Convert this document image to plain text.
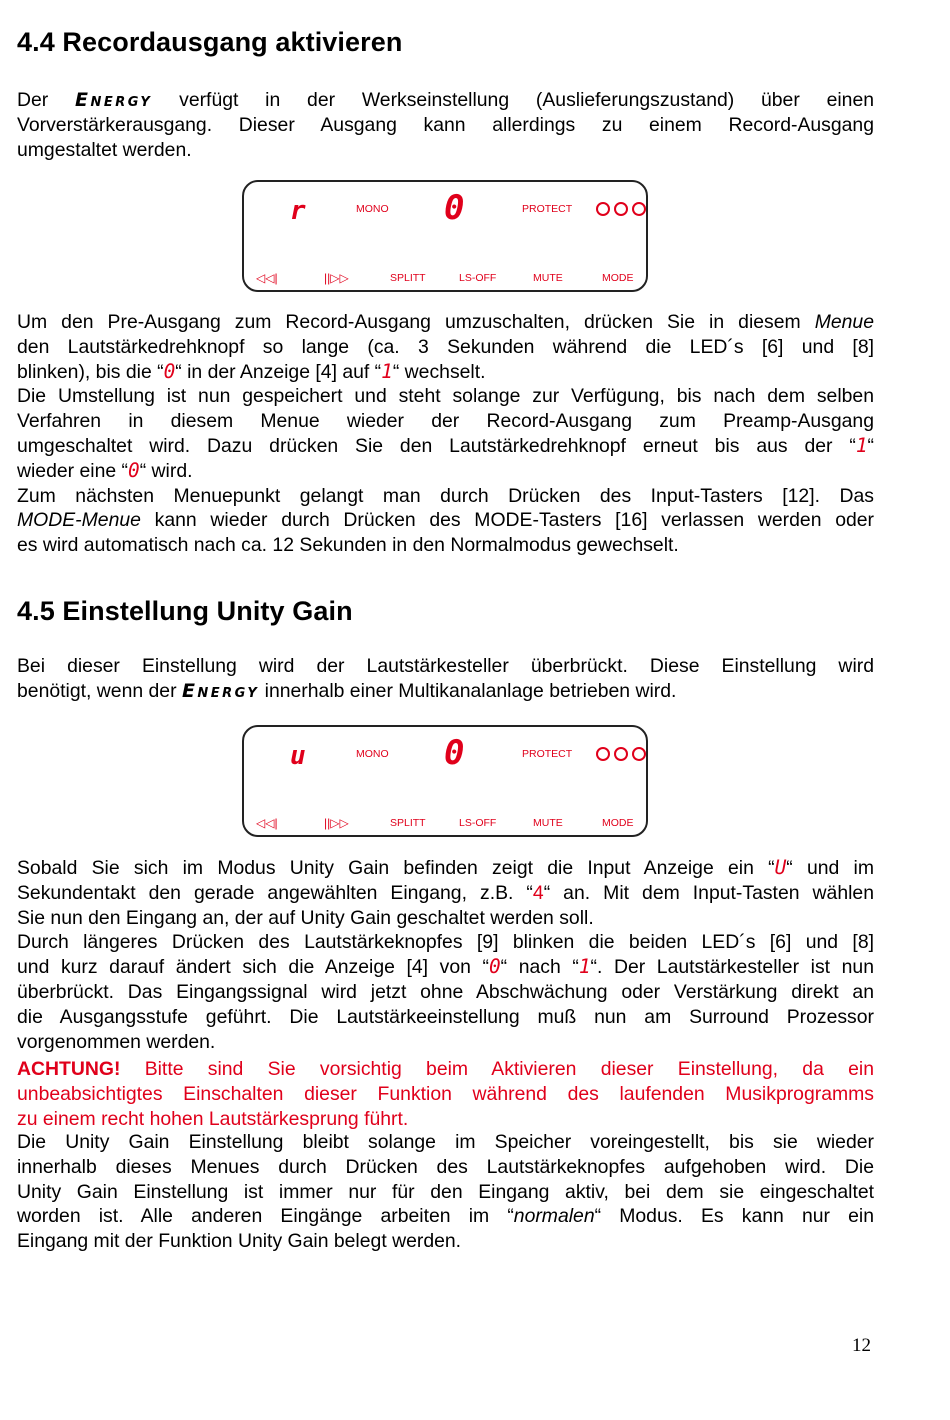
4.4 Recordausgang aktivieren
Der Energy verfügt in der Werkseinstellung (Auslieferungszustand) über einen
Vorverstärkerausgang. Dieser Ausgang kann allerdings zu einem Record-Ausgang
umgestaltet werden.
r	MONO 0	PROTECT
◁◁|	||▷▷	SPLITT	LS-OFF	MUTE	MODE
Um den Pre-Ausgang zum Record-Ausgang umzuschalten, drücken Sie in diesem Menue
den Lautstärkedrehknopf so lange (ca. 3 Sekunden während die LED´s [6] und [8]
blinken), bis die “0“ in der Anzeige [4] auf “1“ wechselt.
Die Umstellung ist nun gespeichert und steht solange zur Verfügung, bis nach dem selben
Verfahren in diesem Menue wieder der Record-Ausgang zum Preamp-Ausgang
umgeschaltet wird. Dazu drücken Sie den Lautstärkedrehknopf erneut bis aus der “1“
wieder eine “0“ wird.
Zum nächsten Menuepunkt gelangt man durch Drücken des Input-Tasters [12]. Das
MODE-Menue kann wieder durch Drücken des MODE-Tasters [16] verlassen werden oder
es wird automatisch nach ca. 12 Sekunden in den Normalmodus gewechselt.
4.5 Einstellung Unity Gain
Bei dieser Einstellung wird der Lautstärkesteller überbrückt. Diese Einstellung wird
benötigt, wenn der Energy innerhalb einer Multikanalanlage betrieben wird.
u	MONO 0	PROTECT
◁◁|	||▷▷	SPLITT	LS-OFF	MUTE	MODE
Sobald Sie sich im Modus Unity Gain befinden zeigt die Input Anzeige ein “U“ und im
Sekundentakt den gerade angewählten Eingang, z.B. “4“ an. Mit dem Input-Tasten wählen
Sie nun den Eingang an, der auf Unity Gain geschaltet werden soll.
Durch längeres Drücken des Lautstärkeknopfes [9] blinken die beiden LED´s [6] und [8]
und kurz darauf ändert sich die Anzeige [4] von “0“ nach “1“. Der Lautstärkesteller ist nun
überbrückt. Das Eingangssignal wird jetzt ohne Abschwächung oder Verstärkung direkt an
die Ausgangsstufe geführt. Die Lautstärkeeinstellung muß nun am Surround Prozessor
vorgenommen werden.
ACHTUNG! Bitte sind Sie vorsichtig beim Aktivieren dieser Einstellung, da ein
unbeabsichtigtes Einschalten dieser Funktion während des laufenden Musikprogramms
zu einem recht hohen Lautstärkesprung führt.
Die Unity Gain Einstellung bleibt solange im Speicher voreingestellt, bis sie wieder
innerhalb dieses Menues durch Drücken des Lautstärkeknopfes aufgehoben wird. Die
Unity Gain Einstellung ist immer nur für den Eingang aktiv, bei dem sie eingeschaltet
worden ist. Alle anderen Eingänge arbeiten im “normalen“ Modus. Es kann nur ein
Eingang mit der Funktion Unity Gain belegt werden.
12
